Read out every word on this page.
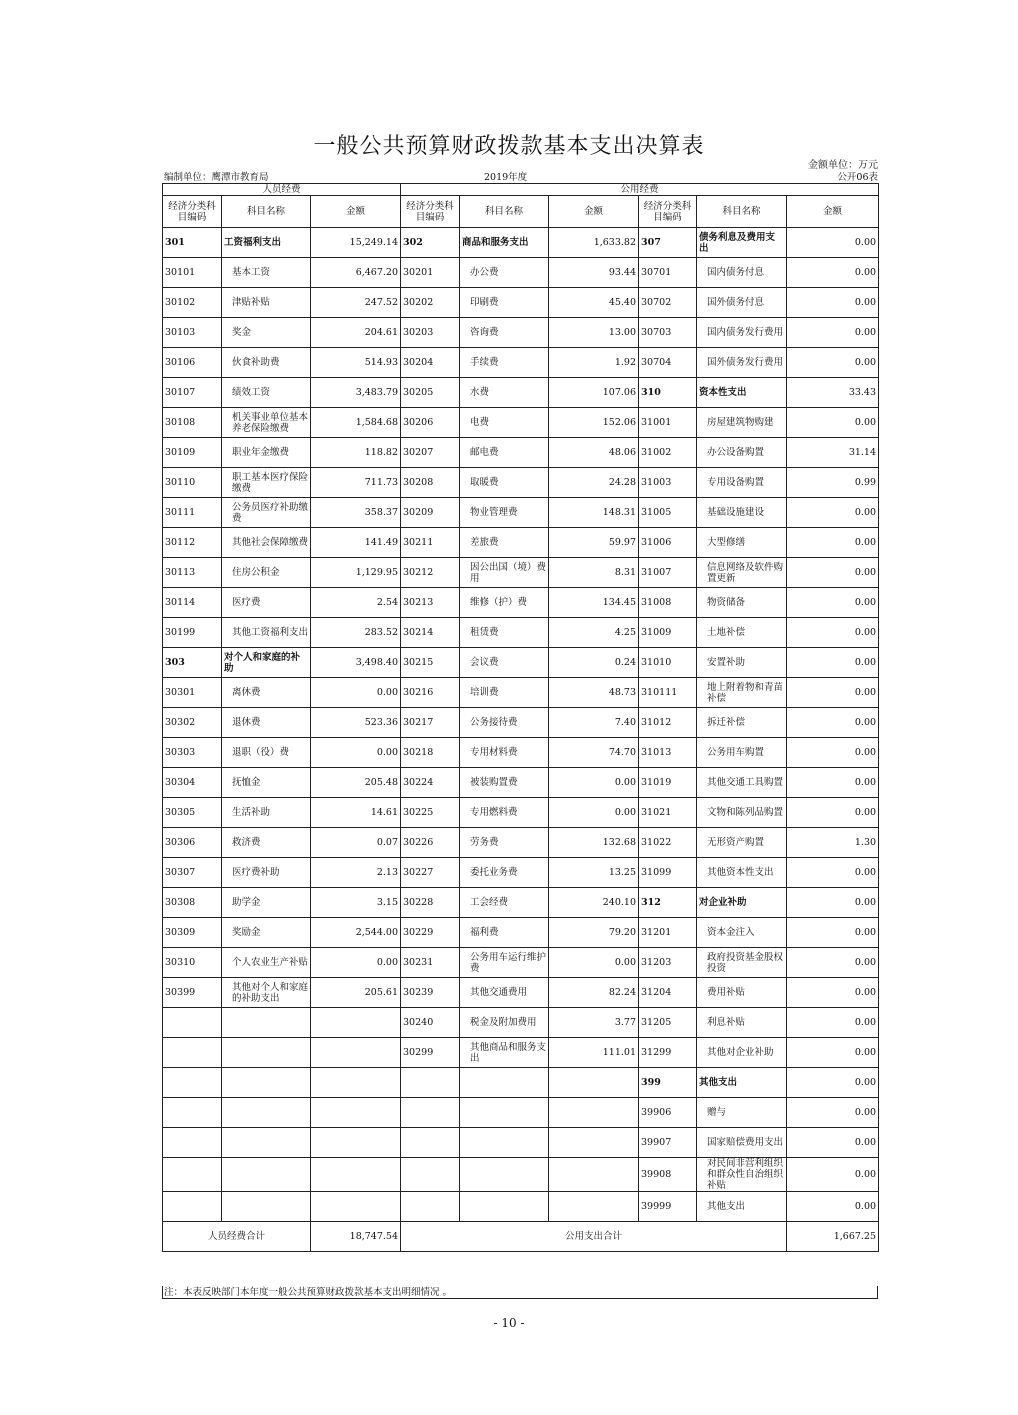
一般公共预算财政拨款基本支出决算表
金额单位：万元
编制单位：鹰潭市教育局	2019年度	公开06表
人员经费			公用经费					
经济分类科目编码	科目名称	金额	经济分类科目编码	科目名称	金额	经济分类科目编码	科目名称	金额
301	工资福利支出	15,249.14	302	商品和服务支出	1,633.82	307	债务利息及费用支出	0.00
30101	基本工资	6,467.20	30201	办公费	93.44	30701	国内债务付息	0.00
30102	津贴补贴	247.52	30202	印刷费	45.40	30702	国外债务付息	0.00
30103	奖金	204.61	30203	咨询费	13.00	30703	国内债务发行费用	0.00
30106	伙食补助费	514.93	30204	手续费	1.92	30704	国外债务发行费用	0.00
30107	绩效工资	3,483.79	30205	水费	107.06	310	资本性支出	33.43
30108	机关事业单位基本养老保险缴费	1,584.68	30206	电费	152.06	31001	房屋建筑物购建	0.00
30109	职业年金缴费	118.82	30207	邮电费	48.06	31002	办公设备购置	31.14
30110	职工基本医疗保险缴费	711.73	30208	取暖费	24.28	31003	专用设备购置	0.99
30111	公务员医疗补助缴费	358.37	30209	物业管理费	148.31	31005	基础设施建设	0.00
30112	其他社会保障缴费	141.49	30211	差旅费	59.97	31006	大型修缮	0.00
30113	住房公积金	1,129.95	30212	因公出国（境）费用	8.31	31007	信息网络及软件购置更新	0.00
30114	医疗费	2.54	30213	维修（护）费	134.45	31008	物资储备	0.00
30199	其他工资福利支出	283.52	30214	租赁费	4.25	31009	土地补偿	0.00
303	对个人和家庭的补助	3,498.40	30215	会议费	0.24	31010	安置补助	0.00
30301	离休费	0.00	30216	培训费	48.73	310111	地上附着物和青苗补偿	0.00
30302	退休费	523.36	30217	公务接待费	7.40	31012	拆迁补偿	0.00
30303	退职（役）费	0.00	30218	专用材料费	74.70	31013	公务用车购置	0.00
30304	抚恤金	205.48	30224	被装购置费	0.00	31019	其他交通工具购置	0.00
30305	生活补助	14.61	30225	专用燃料费	0.00	31021	文物和陈列品购置	0.00
30306	救济费	0.07	30226	劳务费	132.68	31022	无形资产购置	1.30
30307	医疗费补助	2.13	30227	委托业务费	13.25	31099	其他资本性支出	0.00
30308	助学金	3.15	30228	工会经费	240.10	312	对企业补助	0.00
30309	奖励金	2,544.00	30229	福利费	79.20	31201	资本金注入	0.00
30310	个人农业生产补贴	0.00	30231	公务用车运行维护费	0.00	31203	政府投资基金股权投资	0.00
30399	其他对个人和家庭的补助支出	205.61	30239	其他交通费用	82.24	31204	费用补贴	0.00
			30240	税金及附加费用	3.77	31205	利息补贴	0.00
			30299	其他商品和服务支出	111.01	31299	其他对企业补助	0.00
						399	其他支出	0.00
						39906	赠与	0.00
						39907	国家赔偿费用支出	0.00
						39908	对民间非营利组织和群众性自治组织补贴	0.00
						39999	其他支出	0.00
人员经费合计		18,747.54	公用支出合计					1,667.25
注：本表反映部门本年度一般公共预算财政拨款基本支出明细情况 。
- 10 -
